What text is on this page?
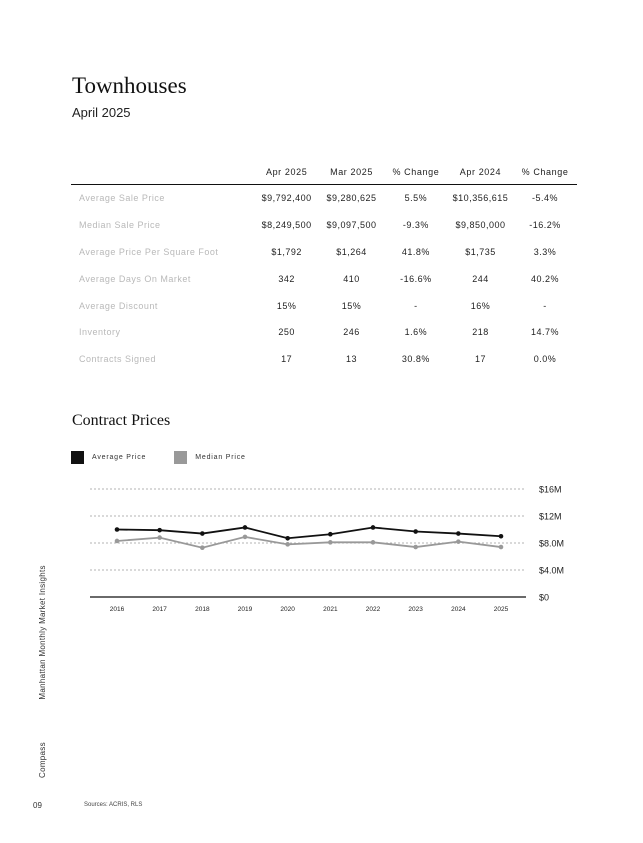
Townhouses
April 2025
	Apr 2025	Mar 2025	% Change	Apr 2024	% Change
Average Sale Price	$9,792,400	$9,280,625	5.5%	$10,356,615	-5.4%
Median Sale Price	$8,249,500	$9,097,500	-9.3%	$9,850,000	-16.2%
Average Price Per Square Foot	$1,792	$1,264	41.8%	$1,735	3.3%
Average Days On Market	342	410	-16.6%	244	40.2%
Average Discount	15%	15%	-	16%	-
Inventory	250	246	1.6%	218	14.7%
Contracts Signed	17	13	30.8%	17	0.0%
Contract Prices
Average Price	Median Price
$0
$4.0M
$8.0M
$12M
$16M
2016	2017	2018	2019	2020	2021	2022	2023	2024	2025
Compass Manhattan Monthly Market Insights
09	Sources: ACRIS, RLS
